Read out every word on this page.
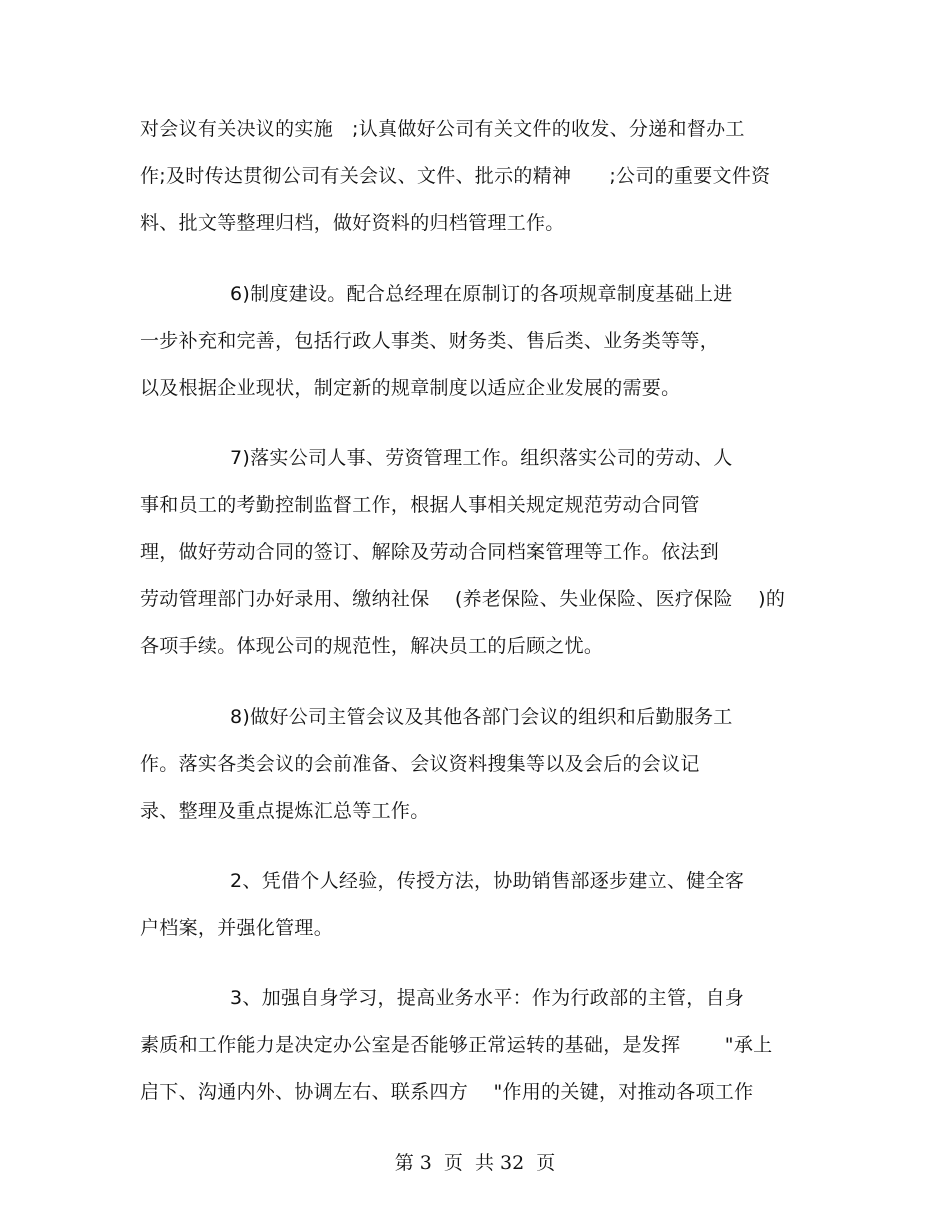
对会议有关决议的实施   ;认真做好公司有关文件的收发、分递和督办工
作;及时传达贯彻公司有关会议、文件、批示的精神      ;公司的重要文件资
料、批文等整理归档，做好资料的归档管理工作。
6)制度建设。配合总经理在原制订的各项规章制度基础上进
一步补充和完善，包括行政人事类、财务类、售后类、业务类等等，
以及根据企业现状，制定新的规章制度以适应企业发展的需要。
7)落实公司人事、劳资管理工作。组织落实公司的劳动、人
事和员工的考勤控制监督工作，根据人事相关规定规范劳动合同管
理，做好劳动合同的签订、解除及劳动合同档案管理等工作。依法到
劳动管理部门办好录用、缴纳社保    (养老保险、失业保险、医疗保险    )的
各项手续。体现公司的规范性，解决员工的后顾之忧。
8)做好公司主管会议及其他各部门会议的组织和后勤服务工
作。落实各类会议的会前准备、会议资料搜集等以及会后的会议记
录、整理及重点提炼汇总等工作。
2、凭借个人经验，传授方法，协助销售部逐步建立、健全客
户档案，并强化管理。
3、加强自身学习，提高业务水平：作为行政部的主管，自身
素质和工作能力是决定办公室是否能够正常运转的基础，是发挥       "承上
启下、沟通内外、协调左右、联系四方    "作用的关键，对推动各项工作
第 3  页  共 32  页
